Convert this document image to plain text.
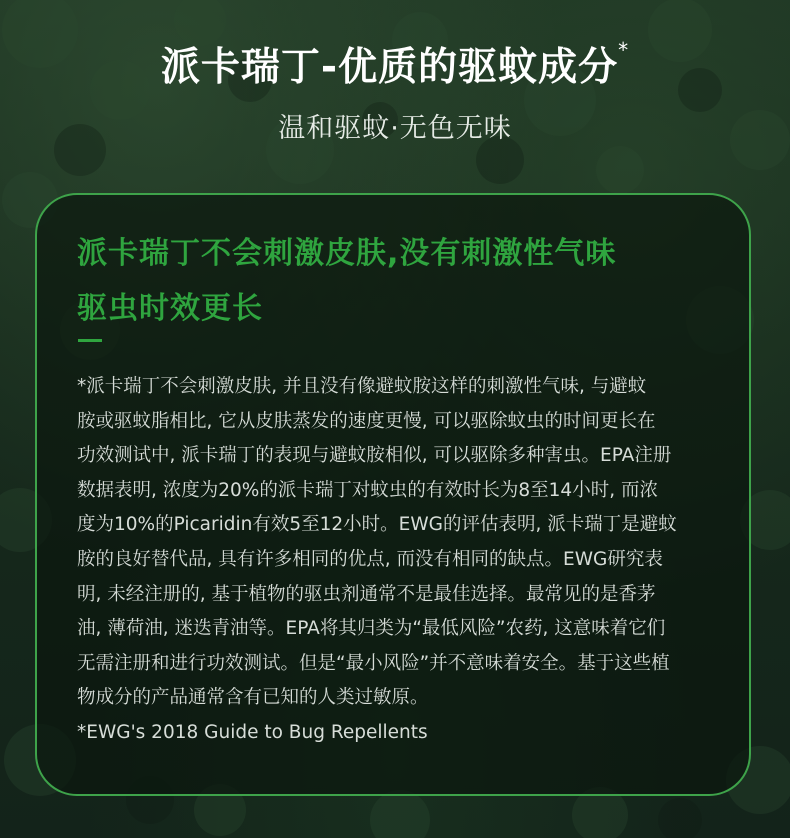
派卡瑞丁-优质的驱蚊成分*
温和驱蚊·无色无味
派卡瑞丁不会刺激皮肤,没有刺激性气味
驱虫时效更长

*派卡瑞丁不会刺激皮肤, 并且没有像避蚊胺这样的刺激性气味, 与避蚊

胺或驱蚊脂相比, 它从皮肤蒸发的速度更慢, 可以驱除蚊虫的时间更长在

功效测试中, 派卡瑞丁的表现与避蚊胺相似, 可以驱除多种害虫。EPA注册

数据表明, 浓度为20%的派卡瑞丁对蚊虫的有效时长为8至14小时, 而浓

度为10%的Picaridin有效5至12小时。EWG的评估表明, 派卡瑞丁是避蚊

胺的良好替代品, 具有许多相同的优点, 而没有相同的缺点。EWG研究表

明, 未经注册的, 基于植物的驱虫剂通常不是最佳选择。最常见的是香茅

油, 薄荷油, 迷迭青油等。EPA将其归类为“最低风险”农药, 这意味着它们

无需注册和进行功效测试。但是“最小风险”并不意味着安全。基于这些植

物成分的产品通常含有已知的人类过敏原。

*EWG's 2018 Guide to Bug Repellents
